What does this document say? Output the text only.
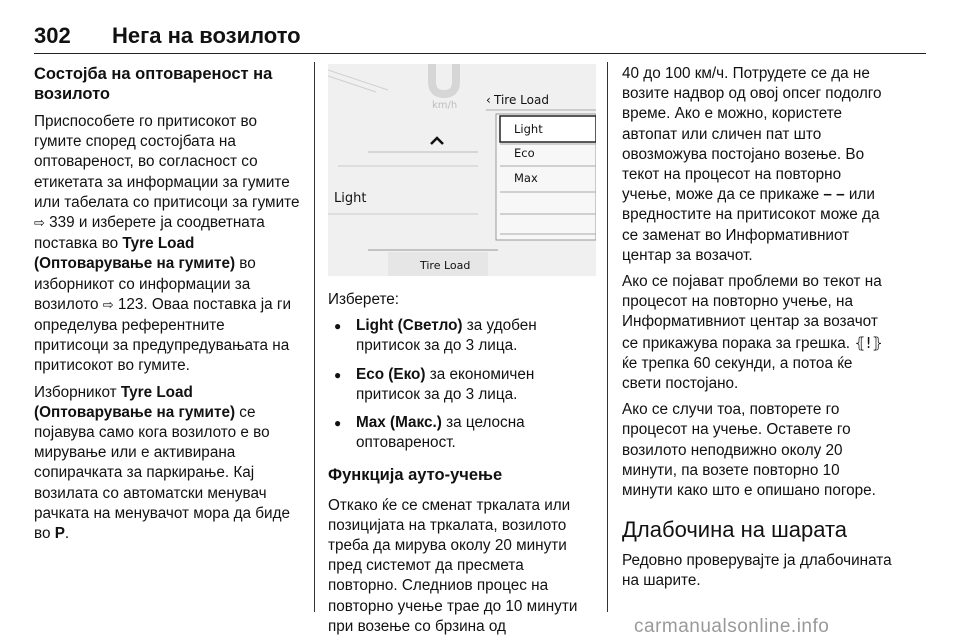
302	Нега на возилото
Состојба на оптовареност на возилото

Приспособете го притисокот во гумите според состојбата на оптовареност, во согласност со етикетата за информации за гумите или табелата со притисоци за гумите ⇨ 339 и изберете ја соодветната поставка во Tyre Load (Оптоварување на гумите) во изборникот со информации за возилото ⇨ 123. Оваа поставка ја ги определува референтните притисоци за предупредувањата на притисокот во гумите.

Изборникот Tyre Load (Оптоварување на гумите) се појавува само кога возилото е во мирување или е активирана сопирачката за паркирање. Кај возилата со автоматски менувач рачката на менувачот мора да биде во P.

km/h ‹ Tire Load
Light
Eco
Max
Light
Tire Load

Изберете:

● Light (Светло) за удобен притисок за до 3 лица.
● Eco (Еко) за економичен притисок за до 3 лица.
● Max (Макс.) за целосна оптовареност.
Функција ауто-учење

Откако ќе се сменат тркалата или позицијата на тркалата, возилото треба да мирува околу 20 минути пред системот да пресмета повторно. Следниов процес на повторно учење трае до 10 минути при возење со брзина од

40 до 100 км/ч. Потрудете се да не возите надвор од овој опсег подолго време. Ако е можно, користете автопат или сличен пат што овозможува постојано возење. Во текот на процесот на повторно учење, може да се прикаже – – или вредностите на притисокот може да се заменат во Информативниот центар за возачот.

Ако се појават проблеми во текот на процесот на повторно учење, на Информативниот центар за возачот се прикажува порака за грешка. ⦃!⦄ ќе трепка 60 секунди, а потоа ќе свети постојано.

Ако се случи тоа, повторете го процесот на учење. Оставете го возилото неподвижно околу 20 минути, па возете повторно 10 минути како што е опишано погоре.

Длабочина на шарата

Редовно проверувајте ја длабочината на шарите.

carmanualsonline.info
